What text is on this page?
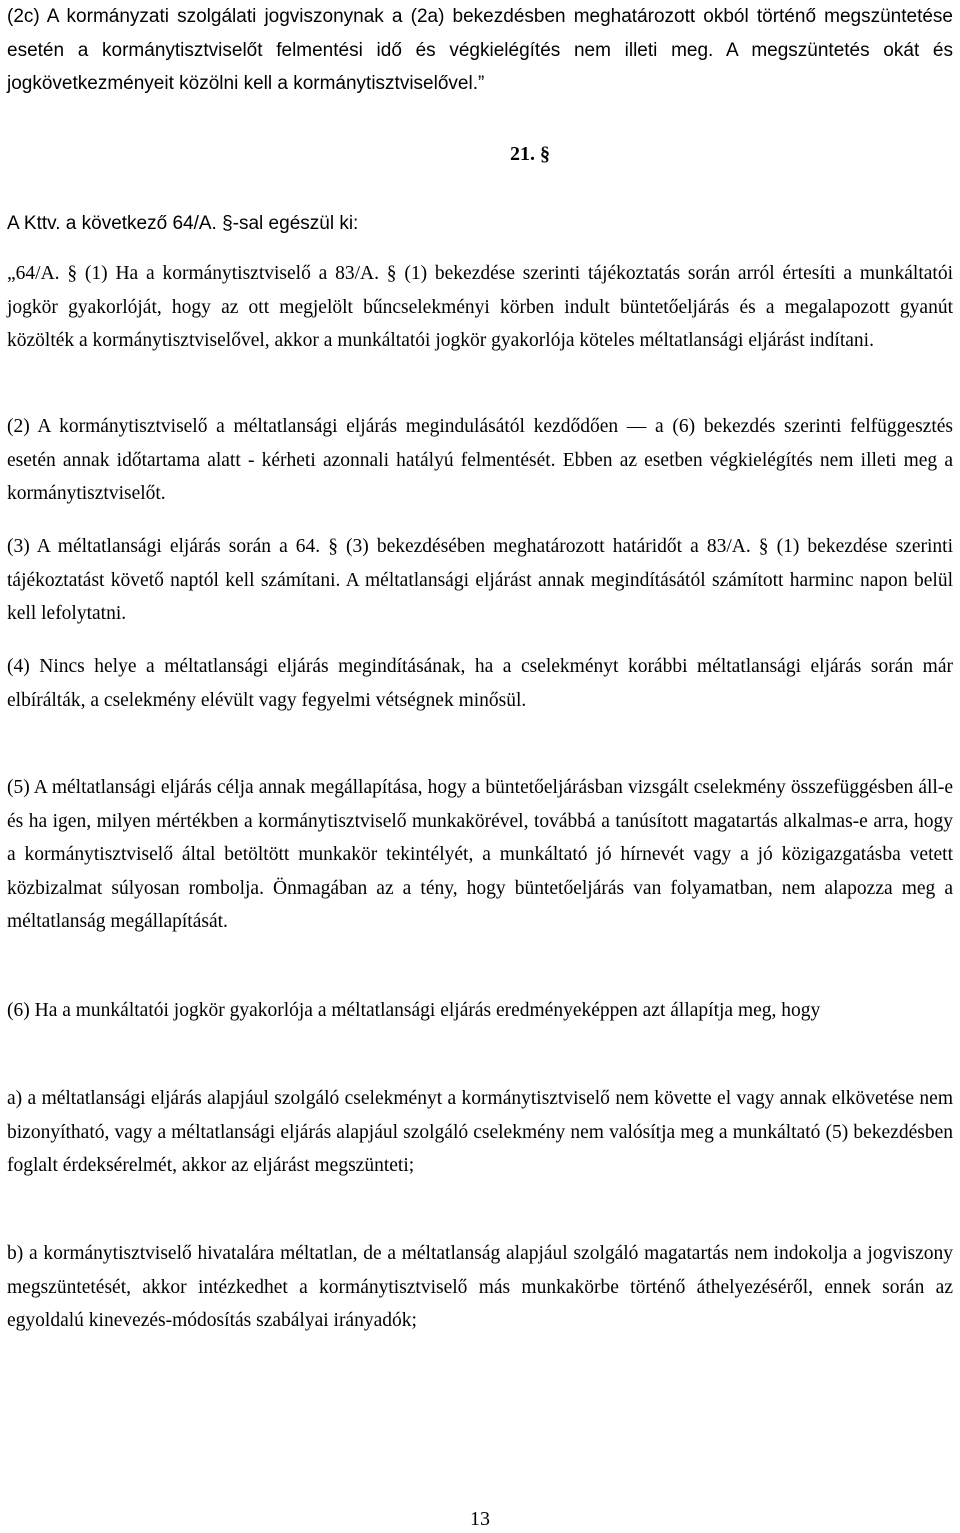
(2c) A kormányzati szolgálati jogviszonynak a (2a) bekezdésben meghatározott okból történő megszüntetése esetén a kormánytisztviselőt felmentési idő és végkielégítés nem illeti meg. A megszüntetés okát és jogkövetkezményeit közölni kell a kormánytisztviselővel.”

21. §

A Kttv. a következő 64/A. §-sal egészül ki:

„64/A. § (1) Ha a kormánytisztviselő a 83/A. § (1) bekezdése szerinti tájékoztatás során arról értesíti a munkáltatói jogkör gyakorlóját, hogy az ott megjelölt bűncselekményi körben indult büntetőeljárás és a megalapozott gyanút közölték a kormánytisztviselővel, akkor a munkáltatói jogkör gyakorlója köteles méltatlansági eljárást indítani.

(2) A kormánytisztviselő a méltatlansági eljárás megindulásától kezdődően ― a (6) bekezdés szerinti felfüggesztés esetén annak időtartama alatt - kérheti azonnali hatályú felmentését. Ebben az esetben végkielégítés nem illeti meg a kormánytisztviselőt.

(3) A méltatlansági eljárás során a 64. § (3) bekezdésében meghatározott határidőt a 83/A. § (1) bekezdése szerinti tájékoztatást követő naptól kell számítani. A méltatlansági eljárást annak megindításától számított harminc napon belül kell lefolytatni.

(4) Nincs helye a méltatlansági eljárás megindításának, ha a cselekményt korábbi méltatlansági eljárás során már elbírálták, a cselekmény elévült vagy fegyelmi vétségnek minősül.

(5) A méltatlansági eljárás célja annak megállapítása, hogy a büntetőeljárásban vizsgált cselekmény összefüggésben áll-e és ha igen, milyen mértékben a kormánytisztviselő munkakörével, továbbá a tanúsított magatartás alkalmas-e arra, hogy a kormánytisztviselő által betöltött munkakör tekintélyét, a munkáltató jó hírnevét vagy a jó közigazgatásba vetett közbizalmat súlyosan rombolja. Önmagában az a tény, hogy büntetőeljárás van folyamatban, nem alapozza meg a méltatlanság megállapítását.

(6) Ha a munkáltatói jogkör gyakorlója a méltatlansági eljárás eredményeképpen azt állapítja meg, hogy

a) a méltatlansági eljárás alapjául szolgáló cselekményt a kormánytisztviselő nem követte el vagy annak elkövetése nem bizonyítható, vagy a méltatlansági eljárás alapjául szolgáló cselekmény nem valósítja meg a munkáltató (5) bekezdésben foglalt érdeksérelmét, akkor az eljárást megszünteti;

b) a kormánytisztviselő hivatalára méltatlan, de a méltatlanság alapjául szolgáló magatartás nem indokolja a jogviszony megszüntetését, akkor intézkedhet a kormánytisztviselő más munkakörbe történő áthelyezéséről, ennek során az egyoldalú kinevezés-módosítás szabályai irányadók;

13
